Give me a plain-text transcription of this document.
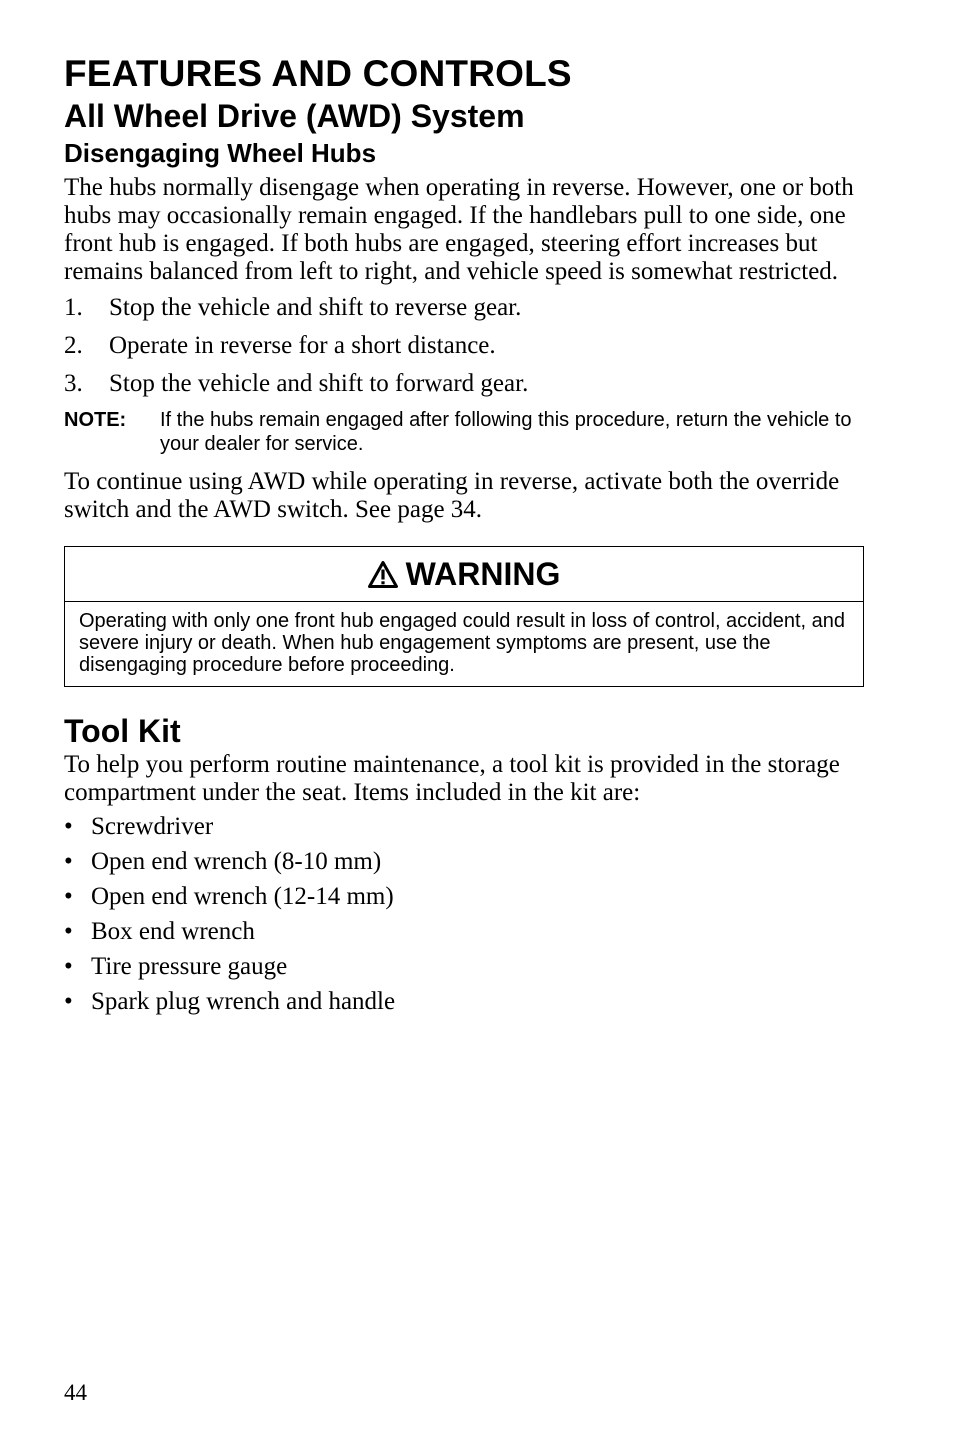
FEATURES AND CONTROLS
All Wheel Drive (AWD) System
Disengaging Wheel Hubs

The hubs normally disengage when operating in reverse. However, one or both hubs may occasionally remain engaged. If the handlebars pull to one side, one front hub is engaged. If both hubs are engaged, steering effort increases but remains balanced from left to right, and vehicle speed is somewhat restricted.

1.	Stop the vehicle and shift to reverse gear.
2.	Operate in reverse for a short distance.
3.	Stop the vehicle and shift to forward gear.
NOTE:	If the hubs remain engaged after following this procedure, return the vehicle to your dealer for service.

To continue using AWD while operating in reverse, activate both the override switch and the AWD switch. See page 34.

WARNING
Operating with only one front hub engaged could result in loss of control, accident, and severe injury or death. When hub engagement symptoms are present, use the disengaging procedure before proceeding.
Tool Kit

To help you perform routine maintenance, a tool kit is provided in the storage compartment under the seat. Items included in the kit are:

• Screwdriver
• Open end wrench (8-10 mm)
• Open end wrench (12-14 mm)
• Box end wrench
• Tire pressure gauge
• Spark plug wrench and handle
44
